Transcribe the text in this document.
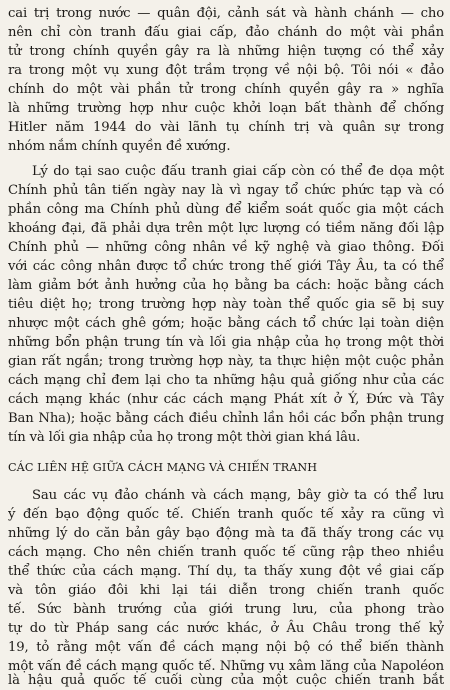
cai trị trong nước — quân đội, cảnh sát và hành chánh — cho
nên chỉ còn tranh đấu giai cấp, đảo chánh do một vài phần
tử trong chính quyền gây ra là những hiện tượng có thể xảy
ra trong một vụ xung đột trầm trọng về nội bộ. Tôi nói « đảo
chính do một vài phần tử trong chính quyền gây ra » nghĩa
là những trường hợp như cuộc khởi loạn bất thành để chống
Hitler năm 1944 do vài lãnh tụ chính trị và quân sự trong
nhóm nắm chính quyền đề xướng.
Lý do tại sao cuộc đấu tranh giai cấp còn có thể đe dọa một
Chính phủ tân tiến ngày nay là vì ngay tổ chức phức tạp và có
phần công ma Chính phủ dùng để kiểm soát quốc gia một cách
khoáng đại, đã phải dựa trên một lực lượng có tiềm năng đối lập
Chính phủ — những công nhân về kỹ nghệ và giao thông. Đối
với các công nhân được tổ chức trong thế giới Tây Âu, ta có thể
làm giảm bớt ảnh hưởng của họ bằng ba cách: hoặc bằng cách
tiêu diệt họ; trong trường hợp này toàn thể quốc gia sẽ bị suy
nhược một cách ghê gớm; hoặc bằng cách tổ chức lại toàn diện
những bổn phận trung tín và lối gia nhập của họ trong một thời
gian rất ngắn; trong trường hợp này, ta thực hiện một cuộc phản
cách mạng chỉ đem lại cho ta những hậu quả giống như của các
cách mạng khác (như các cách mạng Phát xít ở Ý, Đức và Tây
Ban Nha); hoặc bằng cách điều chỉnh lần hồi các bổn phận trung
tín và lối gia nhập của họ trong một thời gian khá lâu.
CÁC LIÊN HỆ GIỮA CÁCH MẠNG VÀ CHIẾN TRANH
Sau các vụ đảo chánh và cách mạng, bây giờ ta có thể lưu
ý đến bạo động quốc tế. Chiến tranh quốc tế xảy ra cũng vì
những lý do căn bản gây bạo động mà ta đã thấy trong các vụ
cách mạng. Cho nên chiến tranh quốc tế cũng rập theo nhiều
thể thức của cách mạng. Thí dụ, ta thấy xung đột về giai cấp
và tôn giáo đôi khi lại tái diễn trong chiến tranh quốc
tế. Sức bành trướng của giới trung lưu, của phong trào
tự do từ Pháp sang các nước khác, ở Âu Châu trong thế kỷ
19, tỏ rằng một vấn đề cách mạng nội bộ có thể biến thành
một vấn đề cách mạng quốc tế. Những vụ xâm lăng của Napoléon
là hậu quả quốc tế cuối cùng của một cuộc chiến tranh bắt
